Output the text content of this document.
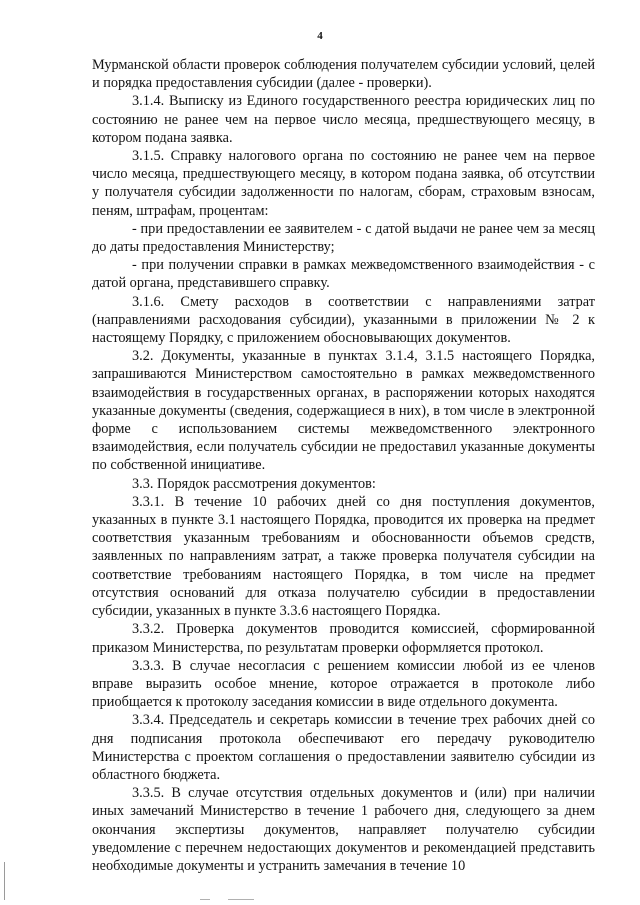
4

Мурманской области проверок соблюдения получателем субсидии условий, целей и порядка предоставления субсидии (далее - проверки).

3.1.4. Выписку из Единого государственного реестра юридических лиц по состоянию не ранее чем на первое число месяца, предшествующего месяцу, в котором подана заявка.

3.1.5. Справку налогового органа по состоянию не ранее чем на первое число месяца, предшествующего месяцу, в котором подана заявка, об отсутствии у получателя субсидии задолженности по налогам, сборам, страховым взносам, пеням, штрафам, процентам:

- при предоставлении ее заявителем - с датой выдачи не ранее чем за месяц до даты предоставления Министерству;

- при получении справки в рамках межведомственного взаимодействия - с датой органа, представившего справку.

3.1.6. Смету расходов в соответствии с направлениями затрат (направлениями расходования субсидии), указанными в приложении № 2 к настоящему Порядку, с приложением обосновывающих документов.

3.2. Документы, указанные в пунктах 3.1.4, 3.1.5 настоящего Порядка, запрашиваются Министерством самостоятельно в рамках межведомственного взаимодействия в государственных органах, в распоряжении которых находятся указанные документы (сведения, содержащиеся в них), в том числе в электронной форме с использованием системы межведомственного электронного взаимодействия, если получатель субсидии не предоставил указанные документы по собственной инициативе.

3.3. Порядок рассмотрения документов:

3.3.1. В течение 10 рабочих дней со дня поступления документов, указанных в пункте 3.1 настоящего Порядка, проводится их проверка на предмет соответствия указанным требованиям и обоснованности объемов средств, заявленных по направлениям затрат, а также проверка получателя субсидии на соответствие требованиям настоящего Порядка, в том числе на предмет отсутствия оснований для отказа получателю субсидии в предоставлении субсидии, указанных в пункте 3.3.6 настоящего Порядка.

3.3.2. Проверка документов проводится комиссией, сформированной приказом Министерства, по результатам проверки оформляется протокол.

3.3.3. В случае несогласия с решением комиссии любой из ее членов вправе выразить особое мнение, которое отражается в протоколе либо приобщается к протоколу заседания комиссии в виде отдельного документа.

3.3.4. Председатель и секретарь комиссии в течение трех рабочих дней со дня подписания протокола обеспечивают его передачу руководителю Министерства с проектом соглашения о предоставлении заявителю субсидии из областного бюджета.

3.3.5. В случае отсутствия отдельных документов и (или) при наличии иных замечаний Министерство в течение 1 рабочего дня, следующего за днем окончания экспертизы документов, направляет получателю субсидии уведомление с перечнем недостающих документов и рекомендацией представить необходимые документы и устранить замечания в течение 10
